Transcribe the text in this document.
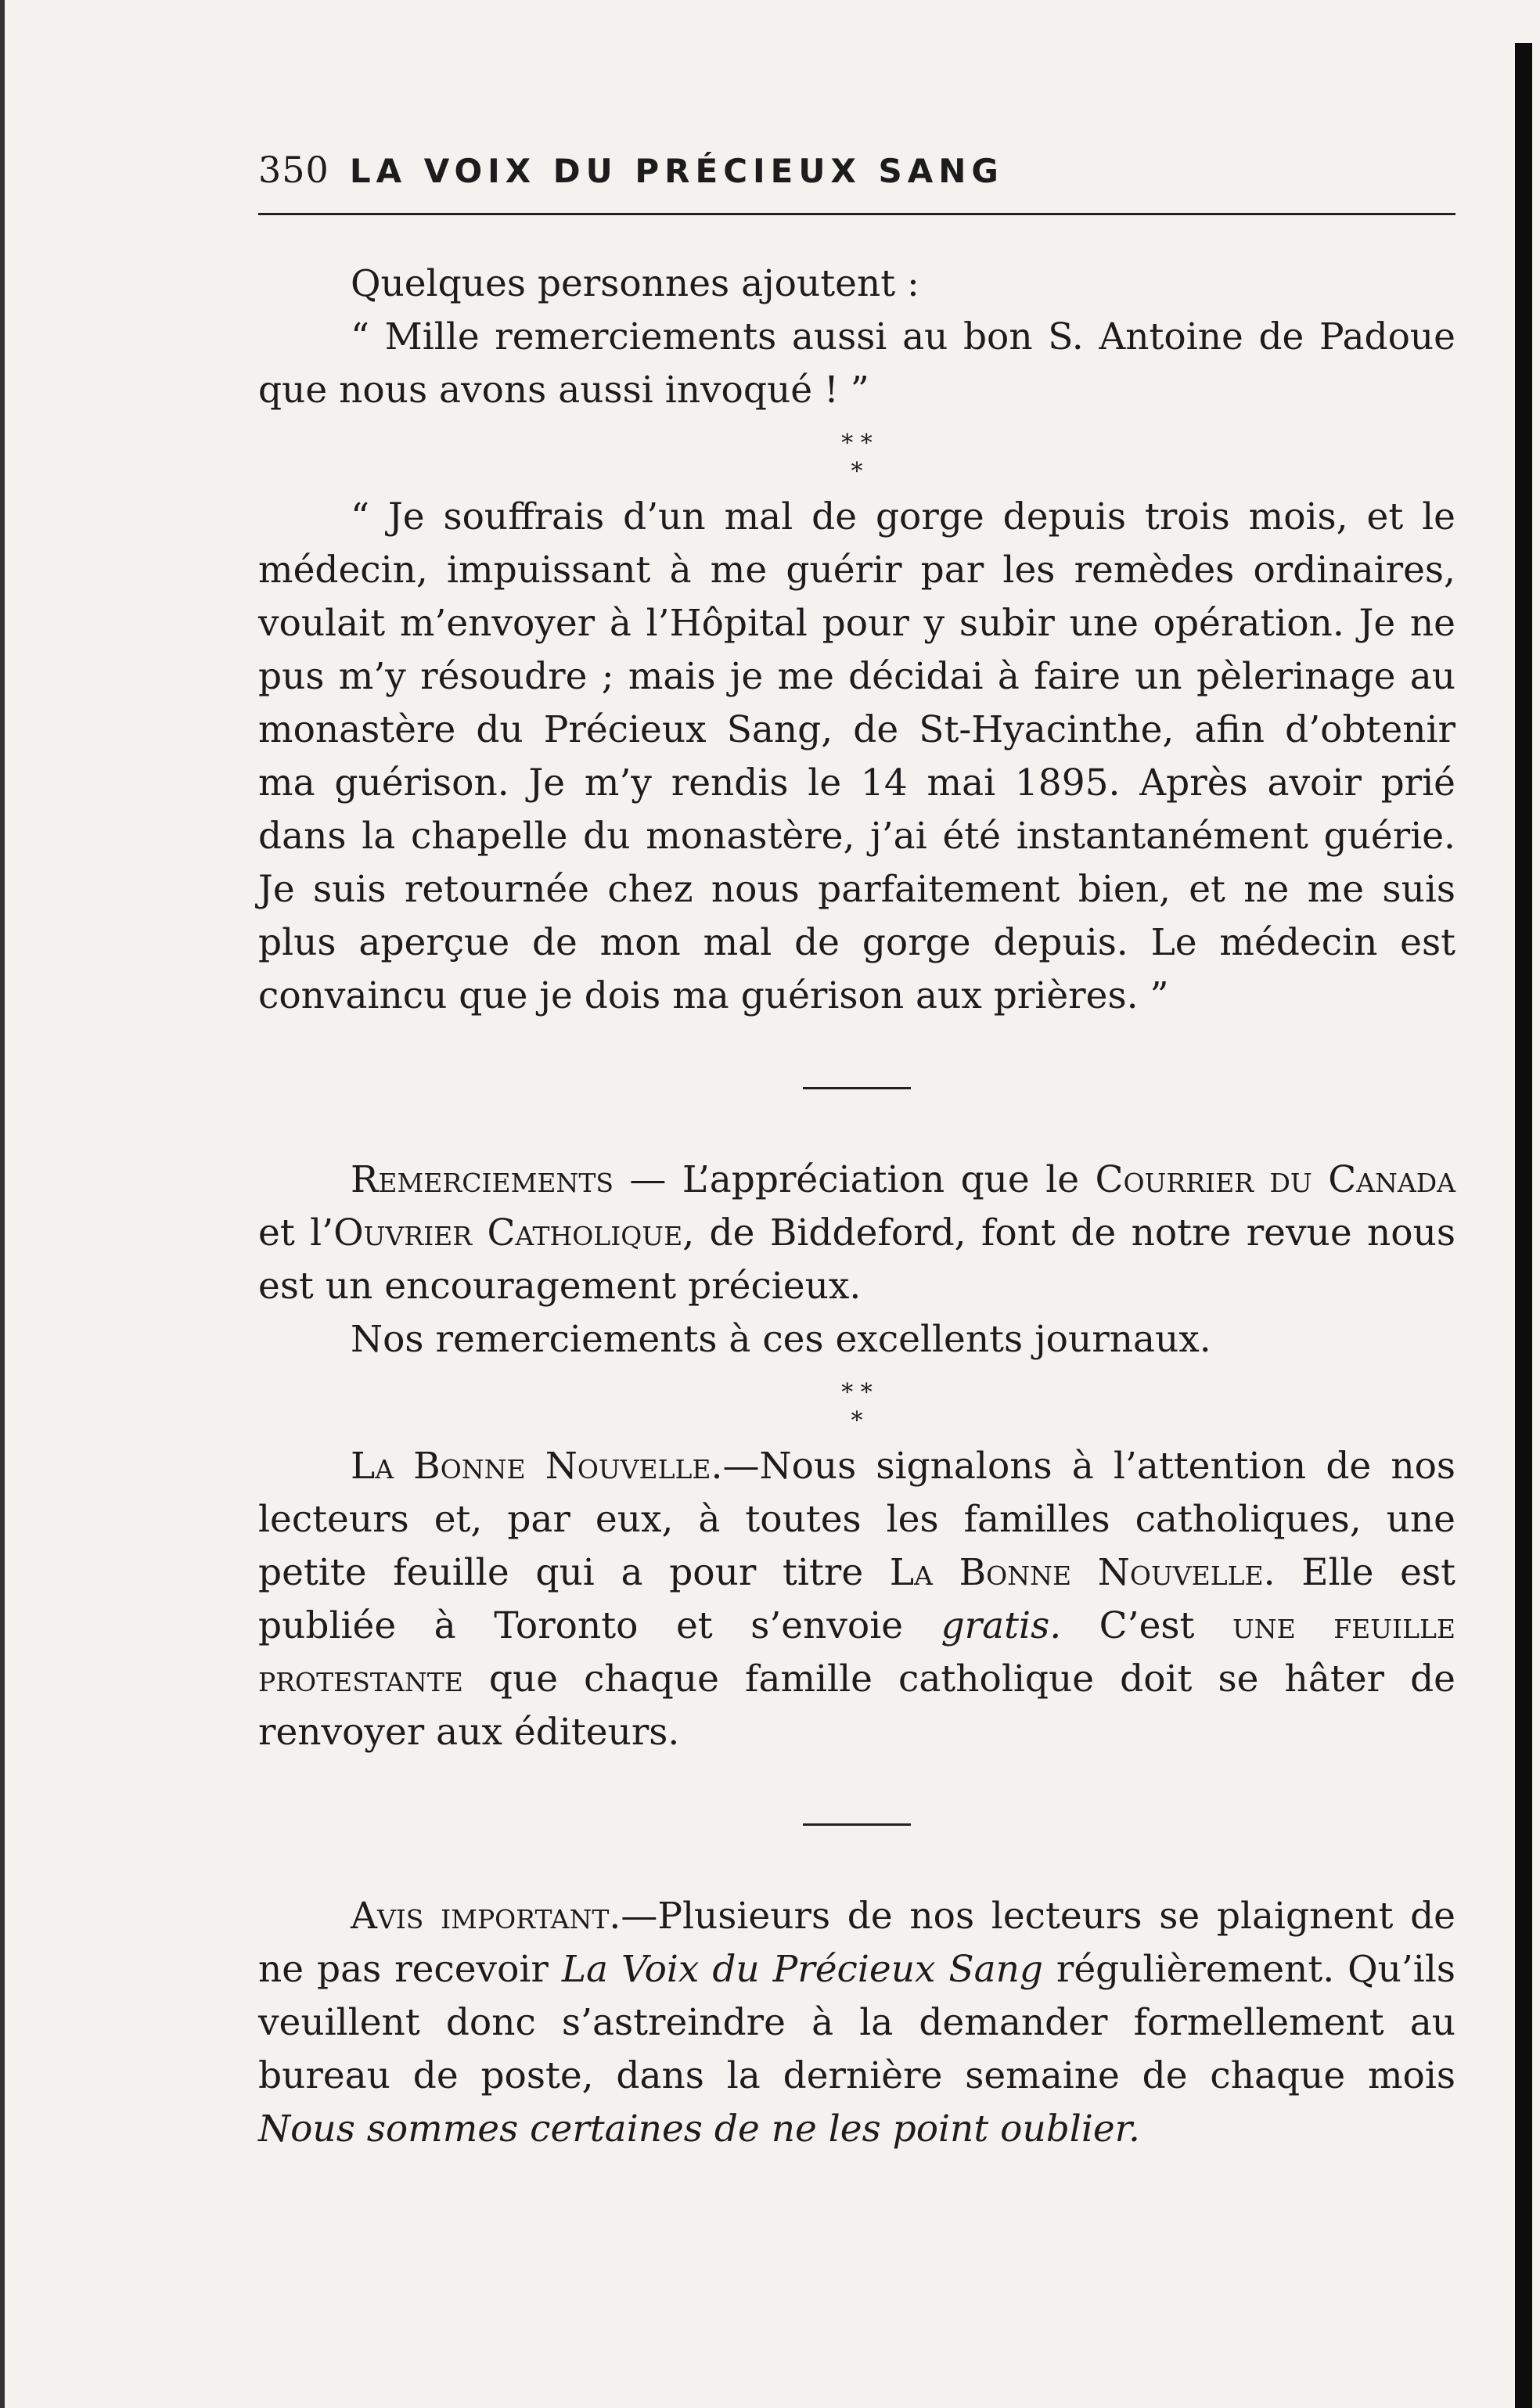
350 LA VOIX DU PRÉCIEUX SANG

Quelques personnes ajoutent :

“ Mille remerciements aussi au bon S. Antoine de Padoue que nous avons aussi invoqué ! ”

* *
*

“ Je souffrais d’un mal de gorge depuis trois mois, et le médecin, impuissant à me guérir par les remèdes ordinaires, voulait m’envoyer à l’Hôpital pour y subir une opération. Je ne pus m’y résoudre ; mais je me décidai à faire un pèlerinage au monastère du Précieux Sang, de St-Hyacinthe, afin d’obtenir ma guérison. Je m’y rendis le 14 mai 1895. Après avoir prié dans la chapelle du monastère, j’ai été instantanément guérie. Je suis retournée chez nous parfaitement bien, et ne me suis plus aperçue de mon mal de gorge depuis. Le médecin est convaincu que je dois ma guérison aux prières. ”

Remerciements — L’appréciation que le Courrier du Canada et l’Ouvrier Catholique, de Biddeford, font de notre revue nous est un encouragement précieux.

Nos remerciements à ces excellents journaux.

* *
*

La Bonne Nouvelle.—Nous signalons à l’attention de nos lecteurs et, par eux, à toutes les familles catholiques, une petite feuille qui a pour titre La Bonne Nouvelle. Elle est publiée à Toronto et s’envoie gratis. C’est une feuille protestante que chaque famille catholique doit se hâter de renvoyer aux éditeurs.

Avis important.—Plusieurs de nos lecteurs se plaignent de ne pas recevoir La Voix du Précieux Sang régulièrement. Qu’ils veuillent donc s’astreindre à la demander formellement au bureau de poste, dans la dernière semaine de chaque mois Nous sommes certaines de ne les point oublier.
